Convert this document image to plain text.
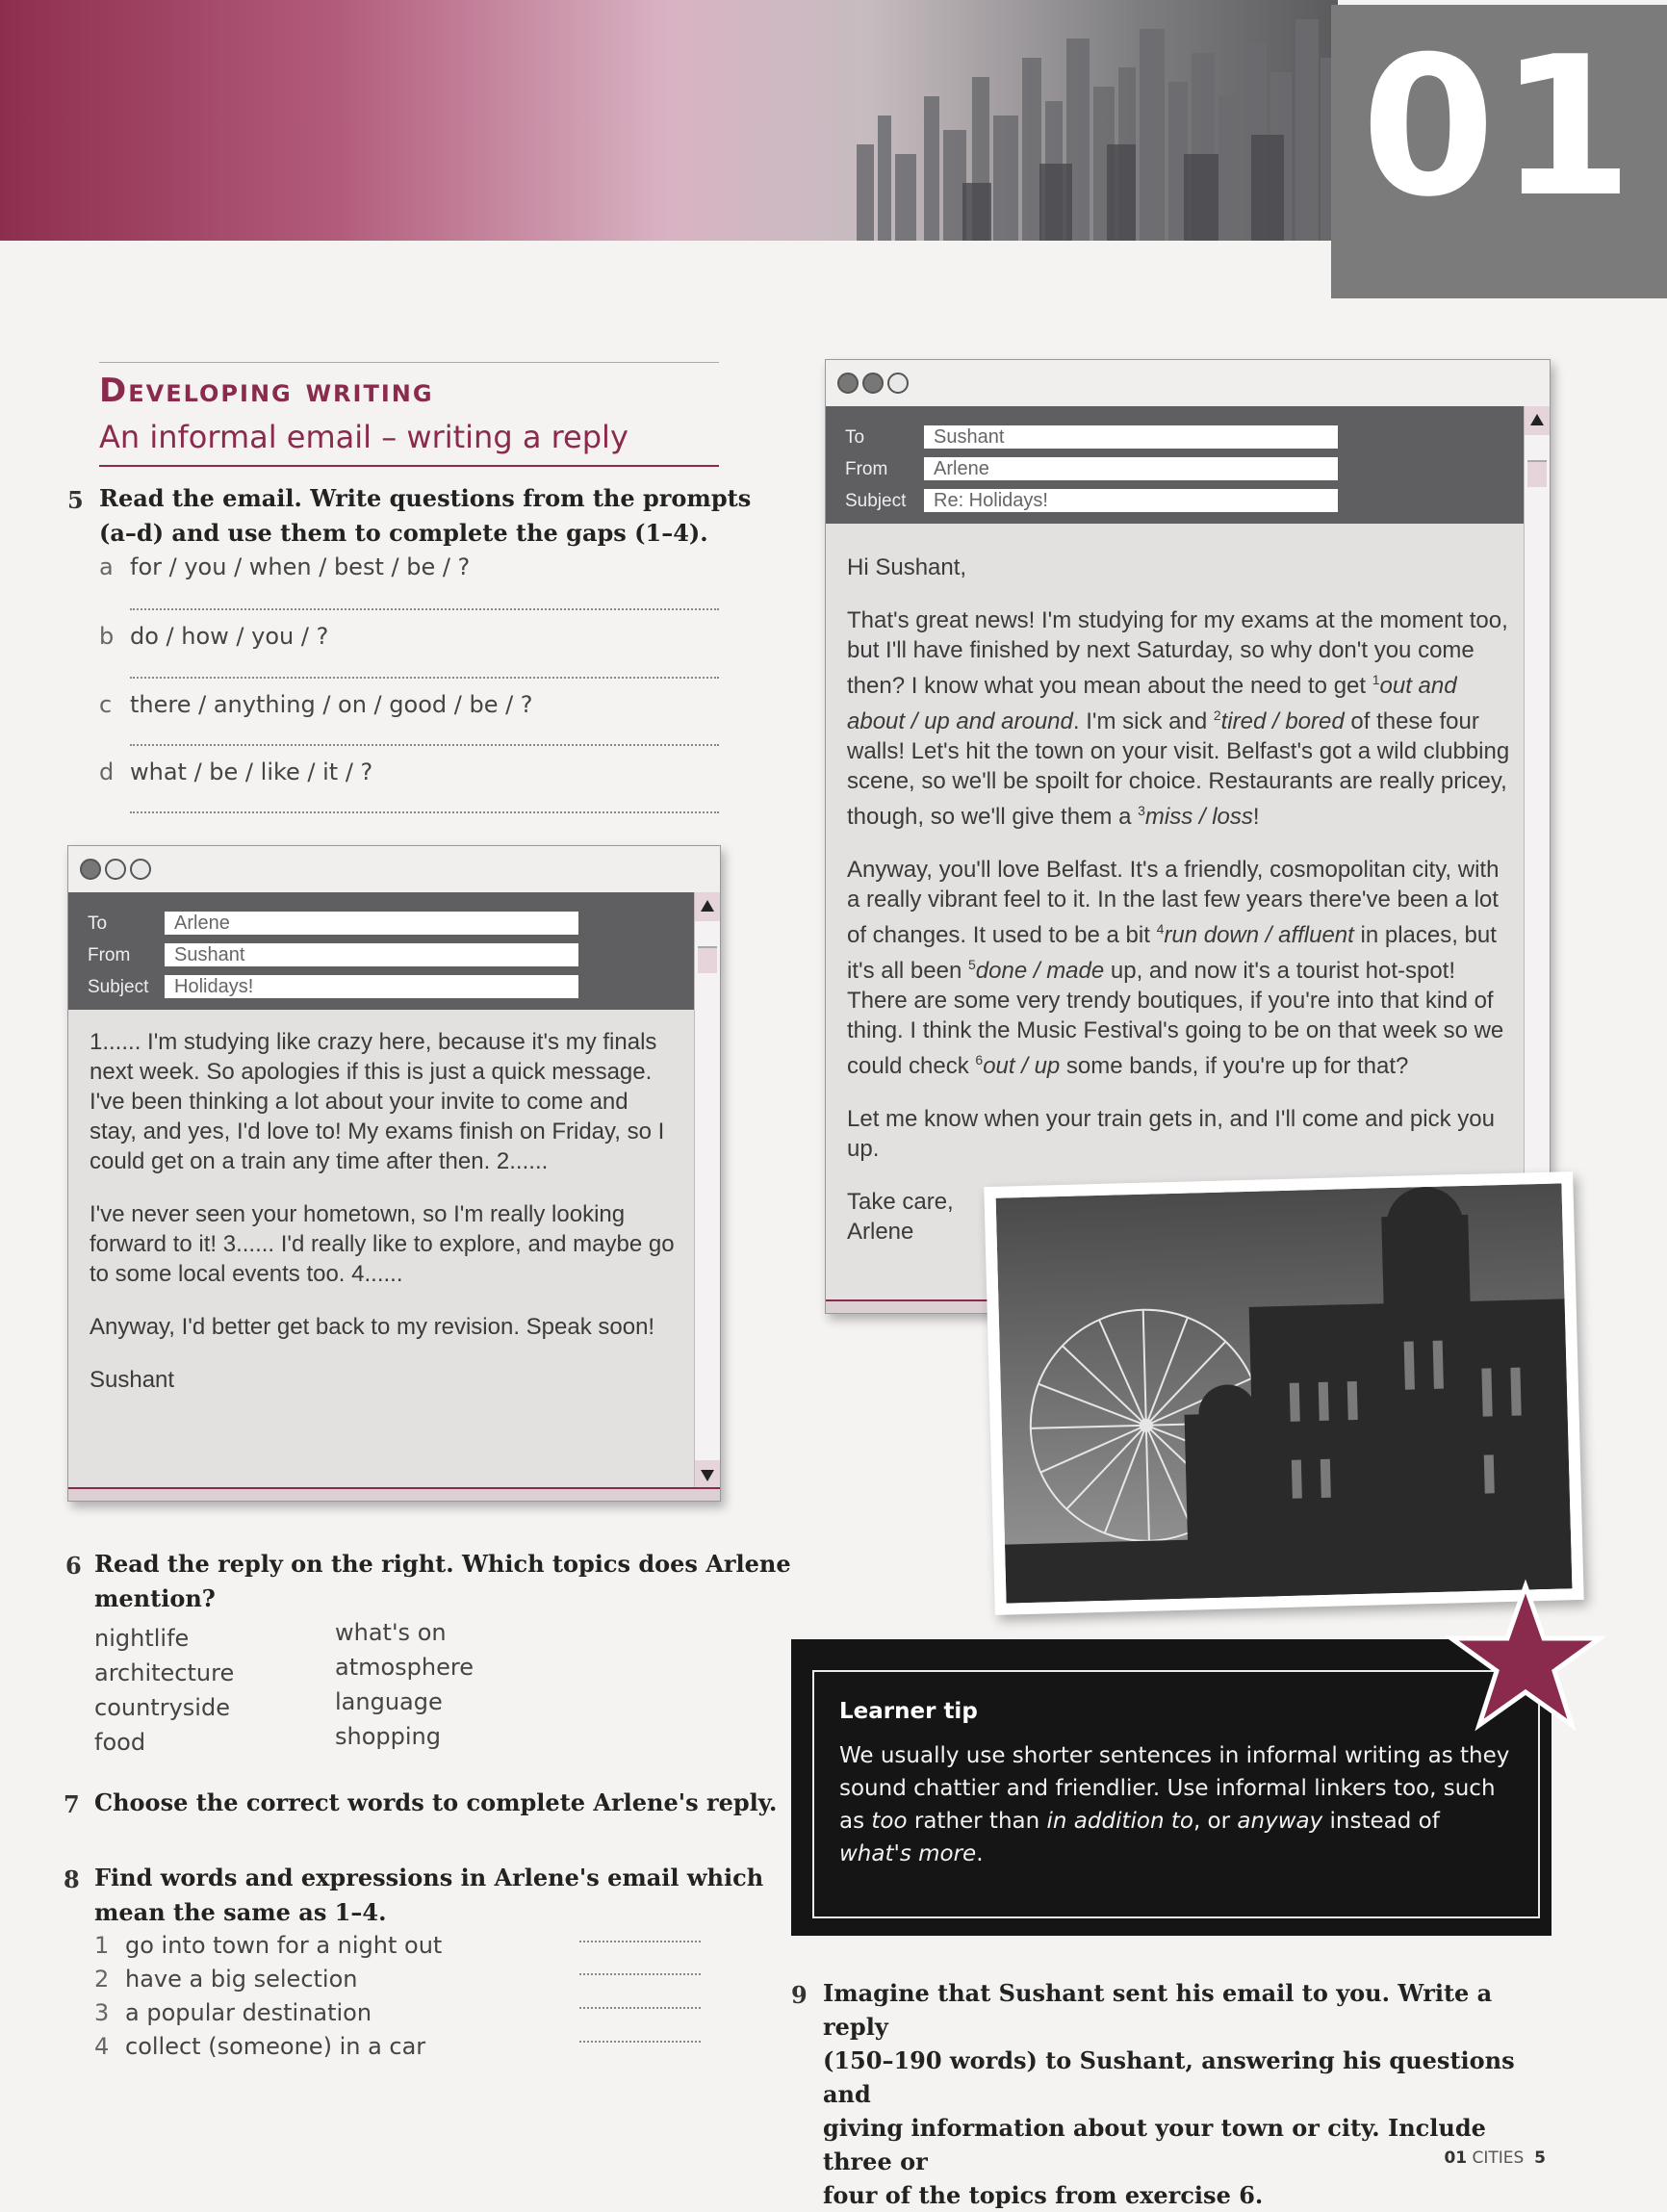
01
Developing writing
An informal email – writing a reply
5 Read the email. Write questions from the prompts
(a–d) and use them to complete the gaps (1–4).
a for / you / when / best / be / ?
b do / how / you / ?
c there / anything / on / good / be / ?
d what / be / like / it / ?
To	Arlene
From	Sushant
Subject	Holidays!

1...... I'm studying like crazy here, because it's my finals next week. So apologies if this is just a quick message. I've been thinking a lot about your invite to come and stay, and yes, I'd love to! My exams finish on Friday, so I could get on a train any time after then. 2......

I've never seen your hometown, so I'm really looking forward to it! 3...... I'd really like to explore, and maybe go to some local events too. 4......

Anyway, I'd better get back to my revision. Speak soon!

Sushant

6 Read the reply on the right. Which topics does Arlene
mention?
nightlife
architecture
countryside
food
what's on
atmosphere
language
shopping
7 Choose the correct words to complete Arlene's reply.
8 Find words and expressions in Arlene's email which
mean the same as 1–4.
1 go into town for a night out
2 have a big selection
3 a popular destination
4 collect (someone) in a car
To	Sushant
From	Arlene
Subject	Re: Holidays!

Hi Sushant,

That's great news! I'm studying for my exams at the moment too, but I'll have finished by next Saturday, so why don't you come then? I know what you mean about the need to get $^1$out and about / up and around. I'm sick and $^2$tired / bored of these four walls! Let's hit the town on your visit. Belfast's got a wild clubbing scene, so we'll be spoilt for choice. Restaurants are really pricey, though, so we'll give them a $^3$miss / loss!

Anyway, you'll love Belfast. It's a friendly, cosmopolitan city, with a really vibrant feel to it. In the last few years there've been a lot of changes. It used to be a bit $^4$run down / affluent in places, but it's all been $^5$done / made up, and now it's a tourist hot-spot! There are some very trendy boutiques, if you're into that kind of thing. I think the Music Festival's going to be on that week so we could check $^6$out / up some bands, if you're up for that?

Let me know when your train gets in, and I'll come and pick you up.

Take care,
Arlene
Learner tip
We usually use shorter sentences in informal writing as they sound chattier and friendlier. Use informal linkers too, such as too rather than in addition to, or anyway instead of what's more.
9 Imagine that Sushant sent his email to you. Write a reply
(150–190 words) to Sushant, answering his questions and
giving information about your town or city. Include three or
four of the topics from exercise 6.
01 CITIES 5
